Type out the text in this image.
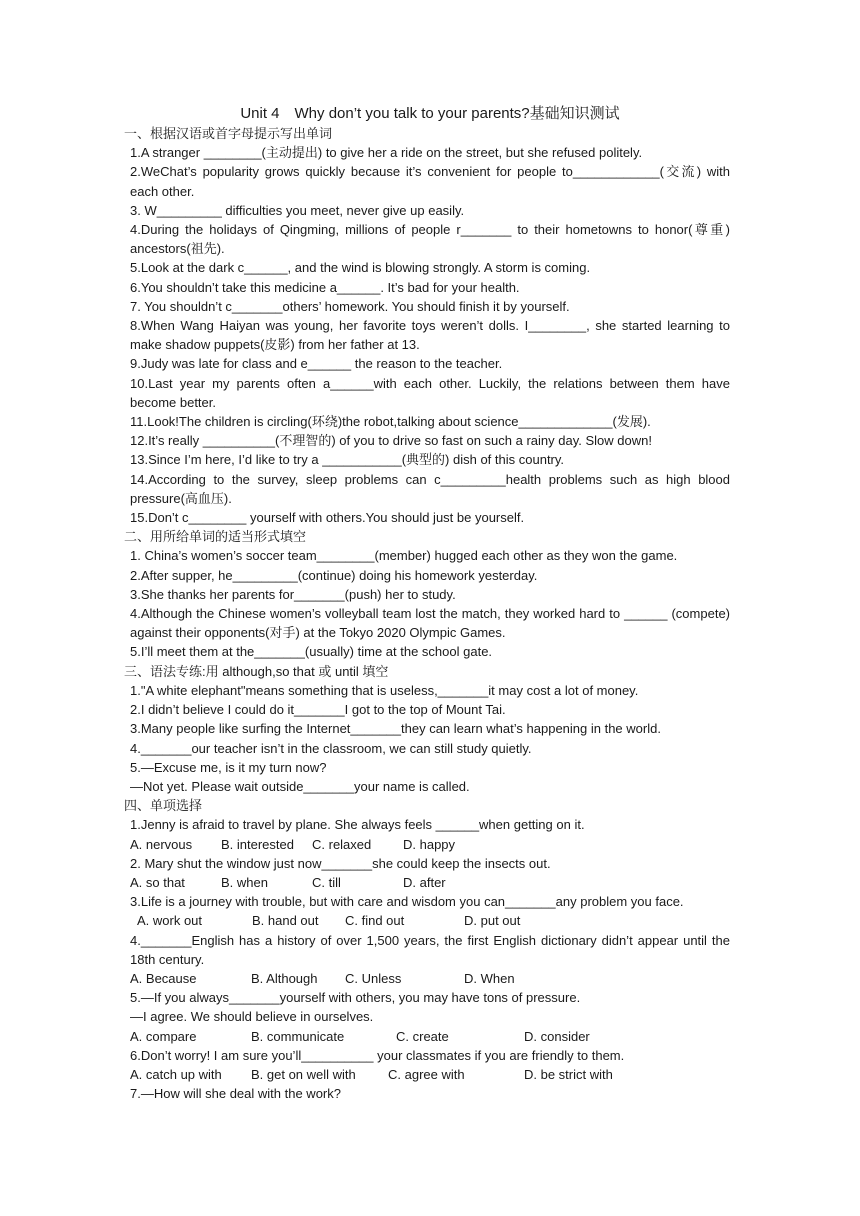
Unit 4　Why don’t you talk to your parents?基础知识测试
一、根据汉语或首字母提示写出单词
1.A stranger ________(主动提出) to give her a ride on the street, but she refused politely.
2.WeChat’s popularity grows quickly because it’s convenient for people to____________(交流) with each other.
3. W_________ difficulties you meet, never give up easily.
4.During the holidays of Qingming, millions of people r_______ to their hometowns to honor(尊重) ancestors(祖先).
5.Look at the dark c______, and the wind is blowing strongly. A storm is coming.
6.You shouldn’t take this medicine a______. It’s bad for your health.
7. You shouldn’t c_______others’ homework. You should finish it by yourself.
8.When Wang Haiyan was young, her favorite toys weren’t dolls. I________, she started learning to make shadow puppets(皮影) from her father at 13.
9.Judy was late for class and e______ the reason to the teacher.
10.Last year my parents often a______with each other. Luckily, the relations between them have become better.
11.Look!The children is circling(环绕)the robot,talking about science_____________(发展).
12.It’s really __________(不理智的) of you to drive so fast on such a rainy day. Slow down!
13.Since I’m here, I’d like to try a ___________(典型的) dish of this country.
14.According to the survey, sleep problems can c_________health problems such as high blood pressure(高血压).
15.Don’t c________ yourself with others.You should just be yourself.
二、用所给单词的适当形式填空
1. China’s women’s soccer team________(member) hugged each other as they won the game.
2.After supper, he_________(continue) doing his homework yesterday.
3.She thanks her parents for_______(push) her to study.
4.Although the Chinese women’s volleyball team lost the match, they worked hard to ______ (compete) against their opponents(对手) at the Tokyo 2020 Olympic Games.
5.I’ll meet them at the_______(usually) time at the school gate.
三、语法专练:用 although,so that 或 until 填空
1."A white elephant"means something that is useless,_______it may cost a lot of money.
2.I didn’t believe I could do it_______I got to the top of Mount Tai.
3.Many people like surfing the Internet_______they can learn what’s happening in the world.
4._______our teacher isn’t in the classroom, we can still study quietly.
5.—Excuse me, is it my turn now?
—Not yet. Please wait outside_______your name is called.
四、单项选择
1.Jenny is afraid to travel by plane. She always feels ______when getting on it.
A. nervous	B. interested	C. relaxed	D. happy
2. Mary shut the window just now_______she could keep the insects out.
A. so that	B. when	C. till	D. after
3.Life is a journey with trouble, but with care and wisdom you can_______any problem you face.
A. work out	B. hand out	C. find out	D. put out
4._______English has a history of over 1,500 years, the first English dictionary didn’t appear until the 18th century.
A. Because	B. Although	C. Unless	D. When
5.—If you always_______yourself with others, you may have tons of pressure.
—I agree. We should believe in ourselves.
A. compare	B. communicate	C. create	D. consider
6.Don’t worry! I am sure you’ll__________ your classmates if you are friendly to them.
A. catch up with	B. get on well with	C. agree with	D. be strict with
7.—How will she deal with the work?
